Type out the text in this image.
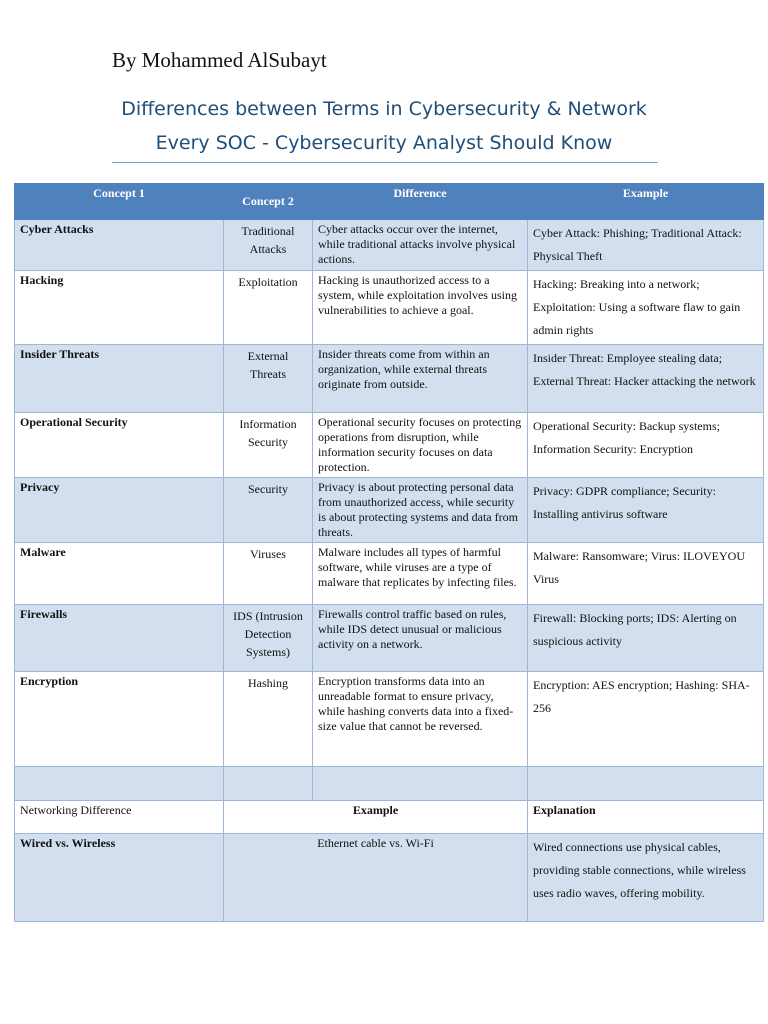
By Mohammed AlSubayt
Differences between Terms in Cybersecurity & Network
Every SOC - Cybersecurity Analyst Should Know
Concept 1	Concept 2	Difference	Example
Cyber Attacks	Traditional Attacks	Cyber attacks occur over the internet, while traditional attacks involve physical actions.	Cyber Attack: Phishing; Traditional Attack: Physical Theft
Hacking	Exploitation	Hacking is unauthorized access to a system, while exploitation involves using vulnerabilities to achieve a goal.	Hacking: Breaking into a network; Exploitation: Using a software flaw to gain admin rights
Insider Threats	External Threats	Insider threats come from within an organization, while external threats originate from outside.	Insider Threat: Employee stealing data; External Threat: Hacker attacking the network
Operational Security	Information Security	Operational security focuses on protecting operations from disruption, while information security focuses on data protection.	Operational Security: Backup systems; Information Security: Encryption
Privacy	Security	Privacy is about protecting personal data from unauthorized access, while security is about protecting systems and data from threats.	Privacy: GDPR compliance; Security: Installing antivirus software
Malware	Viruses	Malware includes all types of harmful software, while viruses are a type of malware that replicates by infecting files.	Malware: Ransomware; Virus: ILOVEYOU Virus
Firewalls	IDS (Intrusion Detection Systems)	Firewalls control traffic based on rules, while IDS detect unusual or malicious activity on a network.	Firewall: Blocking ports; IDS: Alerting on suspicious activity
Encryption	Hashing	Encryption transforms data into an unreadable format to ensure privacy, while hashing converts data into a fixed-size value that cannot be reversed.	Encryption: AES encryption; Hashing: SHA-256

Networking Difference	Example		Explanation
Wired vs. Wireless	Ethernet cable vs. Wi-Fi		Wired connections use physical cables, providing stable connections, while wireless uses radio waves, offering mobility.
